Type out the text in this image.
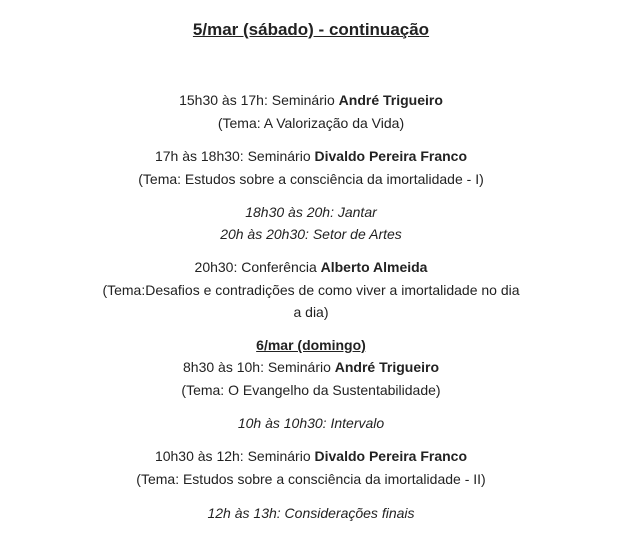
5/mar (sábado) - continuação
15h30 às 17h: Seminário André Trigueiro
(Tema: A Valorização da Vida)
17h às 18h30: Seminário Divaldo Pereira Franco
(Tema: Estudos sobre a consciência da imortalidade - I)
18h30 às 20h: Jantar
20h às 20h30: Setor de Artes
20h30: Conferência Alberto Almeida
(Tema:Desafios e contradições de como viver a imortalidade no dia
a dia)
6/mar (domingo)
8h30 às 10h: Seminário André Trigueiro
(Tema: O Evangelho da Sustentabilidade)
10h às 10h30: Intervalo
10h30 às 12h: Seminário Divaldo Pereira Franco
(Tema: Estudos sobre a consciência da imortalidade - II)
12h às 13h: Considerações finais
